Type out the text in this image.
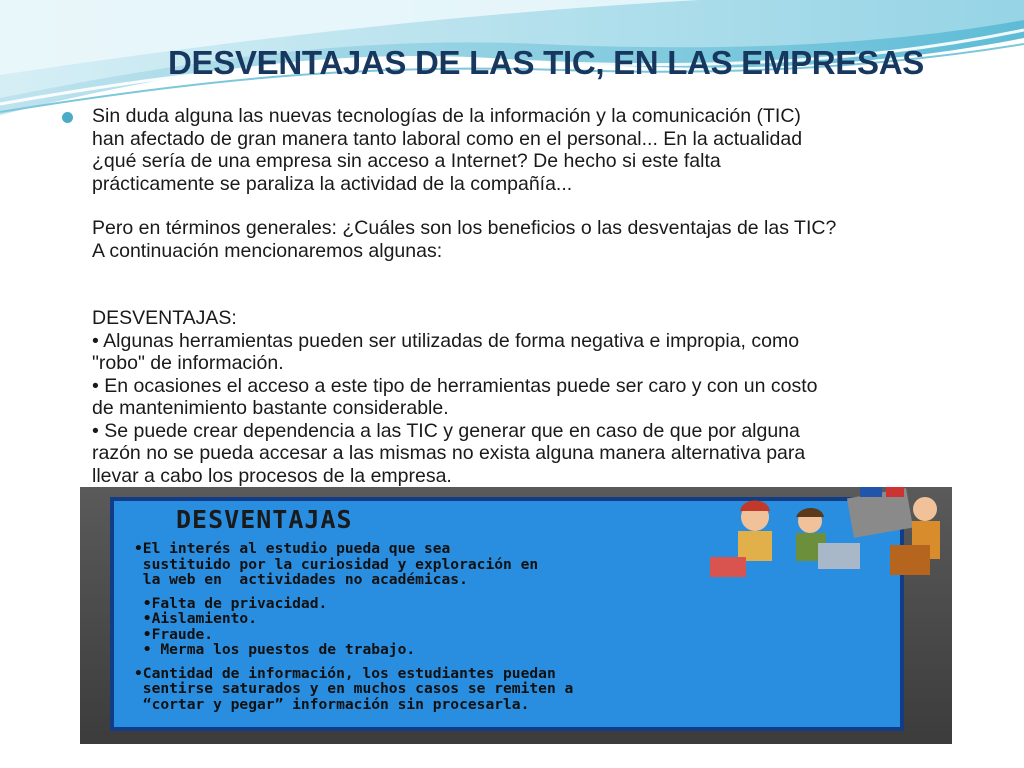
DESVENTAJAS DE LAS TIC, EN LAS EMPRESAS

Sin duda alguna las nuevas tecnologías de la información y la comunicación (TIC)
han afectado de gran manera tanto laboral como en el personal... En la actualidad
¿qué sería de una empresa sin acceso a Internet? De hecho si este falta
prácticamente se paraliza la actividad de la compañía...

Pero en términos generales: ¿Cuáles son los beneficios o las desventajas de las TIC?
A continuación mencionaremos algunas:

DESVENTAJAS:
• Algunas herramientas pueden ser utilizadas de forma negativa e impropia, como
"robo" de información.
• En ocasiones el acceso a este tipo de herramientas puede ser caro y con un costo
de mantenimiento bastante considerable.
• Se puede crear dependencia a las TIC y generar que en caso de que por alguna
razón no se pueda accesar a las mismas no exista alguna manera alternativa para
llevar a cabo los procesos de la empresa.

DESVENTAJAS
•El interés al estudio pueda que sea
sustituido por la curiosidad y exploración en
la web en  actividades no académicas.
•Falta de privacidad.
•Aislamiento.
•Fraude.
• Merma los puestos de trabajo.
•Cantidad de información, los estudiantes puedan
sentirse saturados y en muchos casos se remiten a
“cortar y pegar” información sin procesarla.
